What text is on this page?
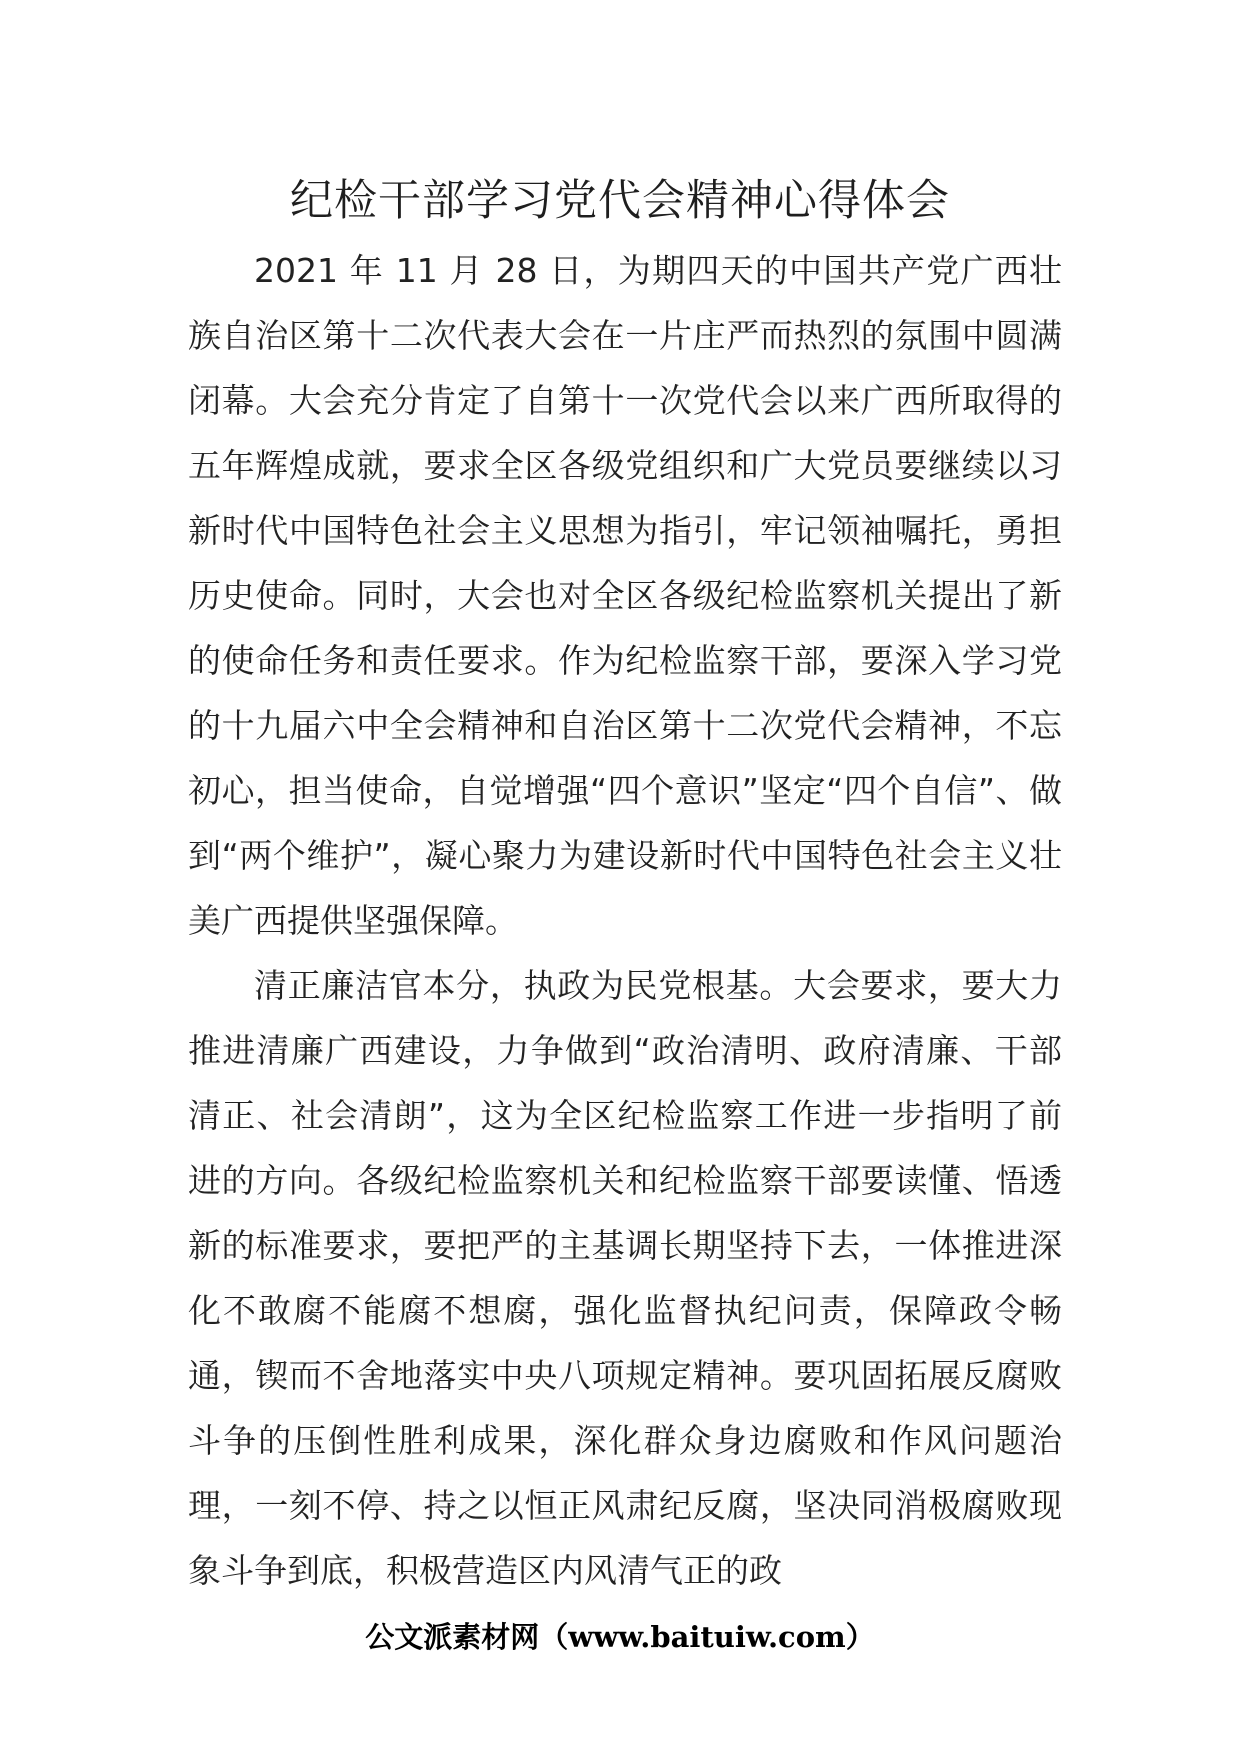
纪检干部学习党代会精神心得体会

2021 年 11 月 28 日，为期四天的中国共产党广西壮族自治区第十二次代表大会在一片庄严而热烈的氛围中圆满闭幕。大会充分肯定了自第十一次党代会以来广西所取得的五年辉煌成就，要求全区各级党组织和广大党员要继续以习新时代中国特色社会主义思想为指引，牢记领袖嘱托，勇担历史使命。同时，大会也对全区各级纪检监察机关提出了新的使命任务和责任要求。作为纪检监察干部，要深入学习党的十九届六中全会精神和自治区第十二次党代会精神，不忘初心，担当使命，自觉增强“四个意识”坚定“四个自信”、做到“两个维护”，凝心聚力为建设新时代中国特色社会主义壮美广西提供坚强保障。

清正廉洁官本分，执政为民党根基。大会要求，要大力推进清廉广西建设，力争做到“政治清明、政府清廉、干部清正、社会清朗”，这为全区纪检监察工作进一步指明了前进的方向。各级纪检监察机关和纪检监察干部要读懂、悟透新的标准要求，要把严的主基调长期坚持下去，一体推进深化不敢腐不能腐不想腐，强化监督执纪问责，保障政令畅通，锲而不舍地落实中央八项规定精神。要巩固拓展反腐败斗争的压倒性胜利成果，深化群众身边腐败和作风问题治理，一刻不停、持之以恒正风肃纪反腐，坚决同消极腐败现象斗争到底，积极营造区内风清气正的政

公文派素材网（www.baituiw.com）
